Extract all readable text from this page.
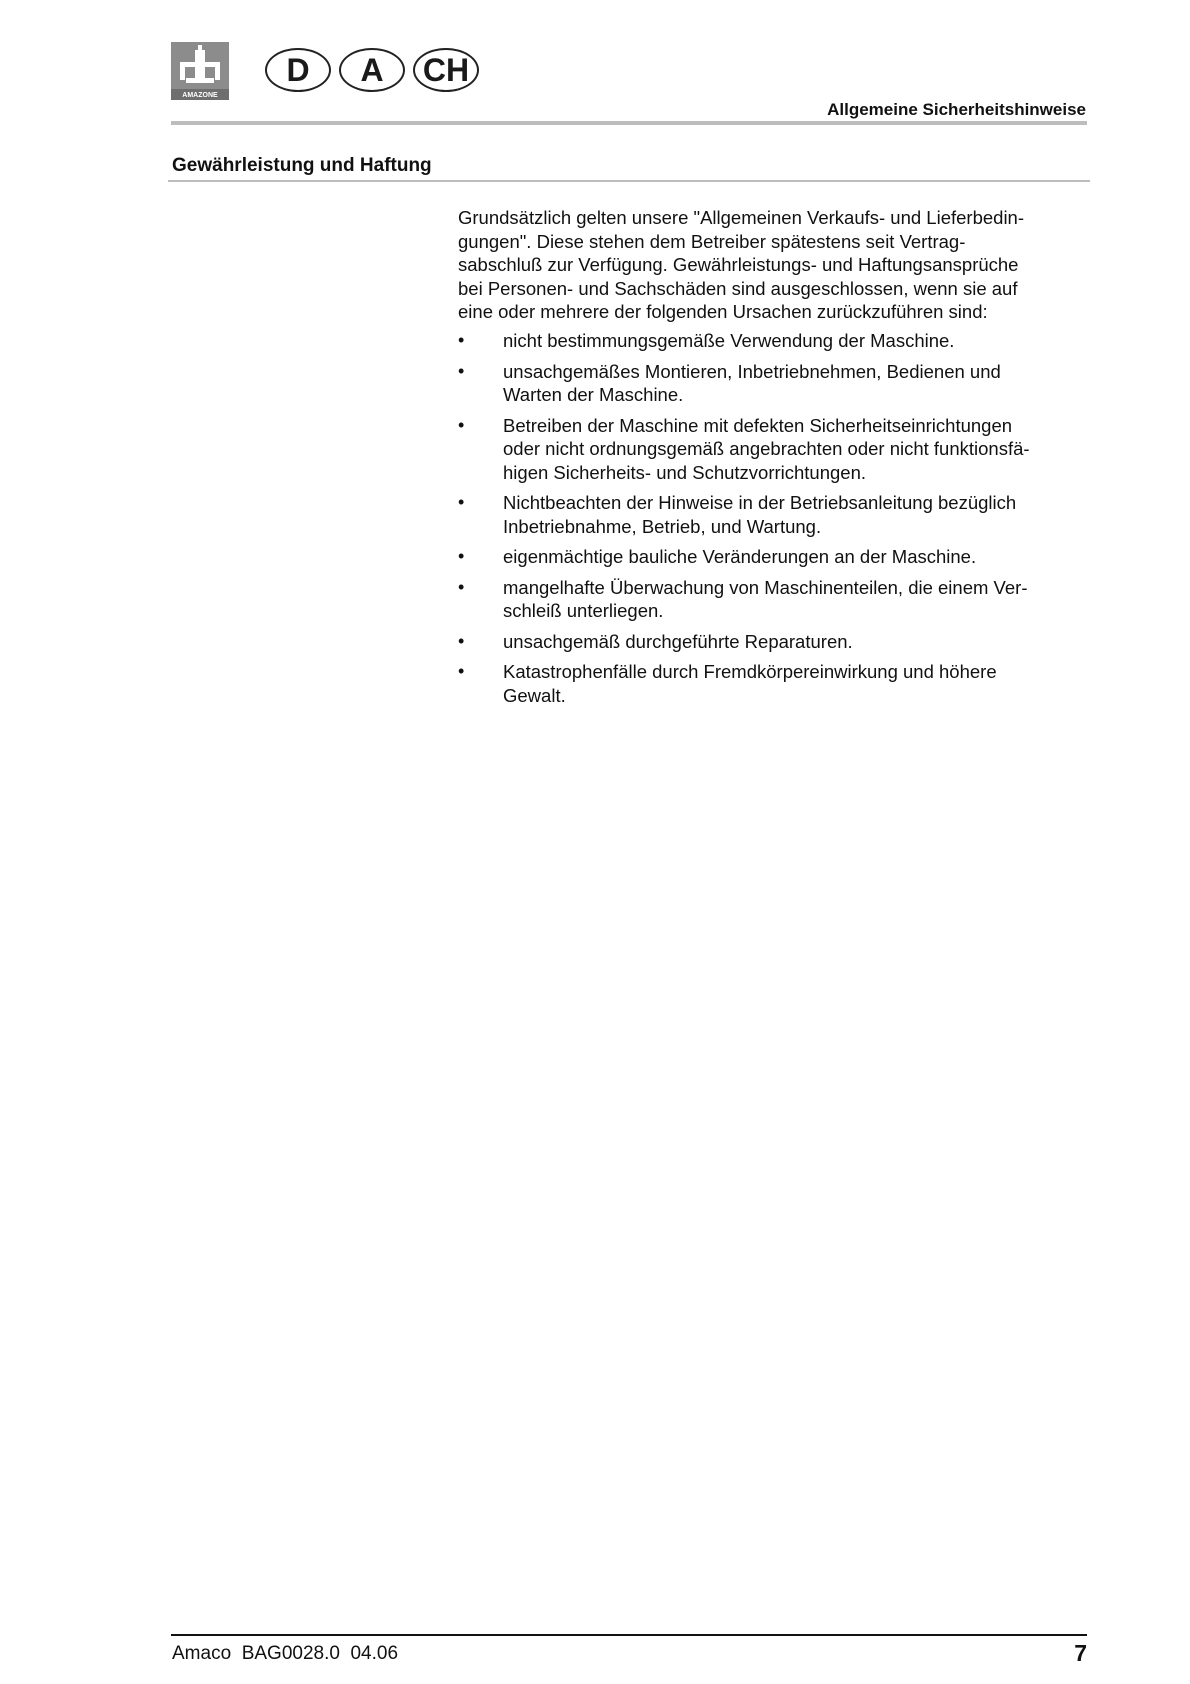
AMAZONE
D	A	CH
Allgemeine Sicherheitshinweise
Gewährleistung und Haftung
Grundsätzlich gelten unsere "Allgemeinen Verkaufs- und Lieferbedin-
gungen". Diese stehen dem Betreiber spätestens seit Vertrag-
sabschluß zur Verfügung. Gewährleistungs- und Haftungsansprüche
bei Personen- und Sachschäden sind ausgeschlossen, wenn sie auf
eine oder mehrere der folgenden Ursachen zurückzuführen sind:
•	nicht bestimmungsgemäße Verwendung der Maschine.
•	unsachgemäßes Montieren, Inbetriebnehmen, Bedienen und
Warten der Maschine.
•	Betreiben der Maschine mit defekten Sicherheitseinrichtungen
oder nicht ordnungsgemäß angebrachten oder nicht funktionsfä-
higen Sicherheits- und Schutzvorrichtungen.
•	Nichtbeachten der Hinweise in der Betriebsanleitung bezüglich
Inbetriebnahme, Betrieb, und Wartung.
•	eigenmächtige bauliche Veränderungen an der Maschine.
•	mangelhafte Überwachung von Maschinenteilen, die einem Ver-
schleiß unterliegen.
•	unsachgemäß durchgeführte Reparaturen.
•	Katastrophenfälle durch Fremdkörpereinwirkung und höhere
Gewalt.
Amaco  BAG0028.0  04.06	7
